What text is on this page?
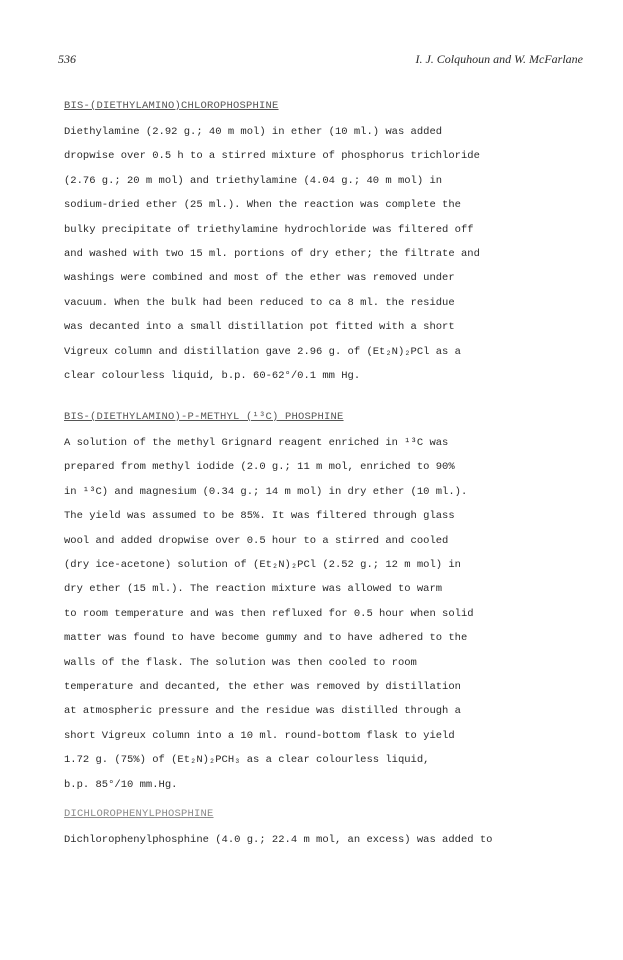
536	I. J. Colquhoun and W. McFarlane
BIS-(DIETHYLAMINO)CHLOROPHOSPHINE

Diethylamine (2.92 g.; 40 m mol) in ether (10 ml.) was added

dropwise over 0.5 h to a stirred mixture of phosphorus trichloride

(2.76 g.; 20 m mol) and triethylamine (4.04 g.; 40 m mol) in

sodium-dried ether (25 ml.). When the reaction was complete the

bulky precipitate of triethylamine hydrochloride was filtered off

and washed with two 15 ml. portions of dry ether; the filtrate and

washings were combined and most of the ether was removed under

vacuum. When the bulk had been reduced to ca 8 ml. the residue

was decanted into a small distillation pot fitted with a short

Vigreux column and distillation gave 2.96 g. of (Et₂N)₂PCl as a

clear colourless liquid, b.p. 60-62°/0.1 mm Hg.

BIS-(DIETHYLAMINO)-P-METHYL (¹³C) PHOSPHINE

A solution of the methyl Grignard reagent enriched in ¹³C was

prepared from methyl iodide (2.0 g.; 11 m mol, enriched to 90%

in ¹³C) and magnesium (0.34 g.; 14 m mol) in dry ether (10 ml.).

The yield was assumed to be 85%. It was filtered through glass

wool and added dropwise over 0.5 hour to a stirred and cooled

(dry ice-acetone) solution of (Et₂N)₂PCl (2.52 g.; 12 m mol) in

dry ether (15 ml.). The reaction mixture was allowed to warm

to room temperature and was then refluxed for 0.5 hour when solid

matter was found to have become gummy and to have adhered to the

walls of the flask. The solution was then cooled to room

temperature and decanted, the ether was removed by distillation

at atmospheric pressure and the residue was distilled through a

short Vigreux column into a 10 ml. round-bottom flask to yield

1.72 g. (75%) of (Et₂N)₂PCH₃ as a clear colourless liquid,

b.p. 85°/10 mm.Hg.

DICHLOROPHENYLPHOSPHINE

Dichlorophenylphosphine (4.0 g.; 22.4 m mol, an excess) was added to
